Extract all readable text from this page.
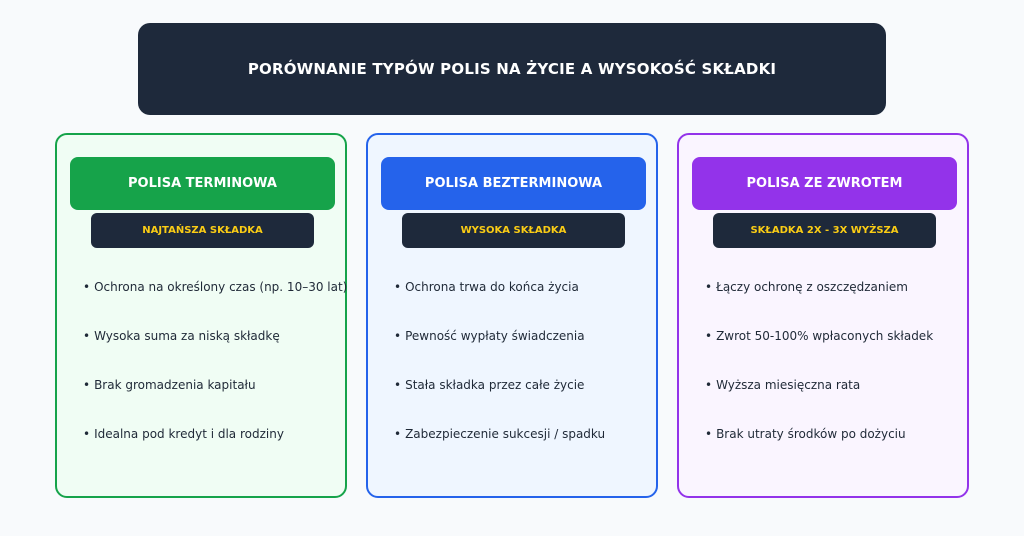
PORÓWNANIE TYPÓW POLIS NA ŻYCIE A WYSOKOŚĆ SKŁADKI
POLISA TERMINOWA
NAJTAŃSZA SKŁADKA
• Ochrona na określony czas (np. 10–30 lat)
• Wysoka suma za niską składkę
• Brak gromadzenia kapitału
• Idealna pod kredyt i dla rodziny
POLISA BEZTERMINOWA
WYSOKA SKŁADKA
• Ochrona trwa do końca życia
• Pewność wypłaty świadczenia
• Stała składka przez całe życie
• Zabezpieczenie sukcesji / spadku
POLISA ZE ZWROTEM
SKŁADKA 2X - 3X WYŻSZA
• Łączy ochronę z oszczędzaniem
• Zwrot 50-100% wpłaconych składek
• Wyższa miesięczna rata
• Brak utraty środków po dożyciu
